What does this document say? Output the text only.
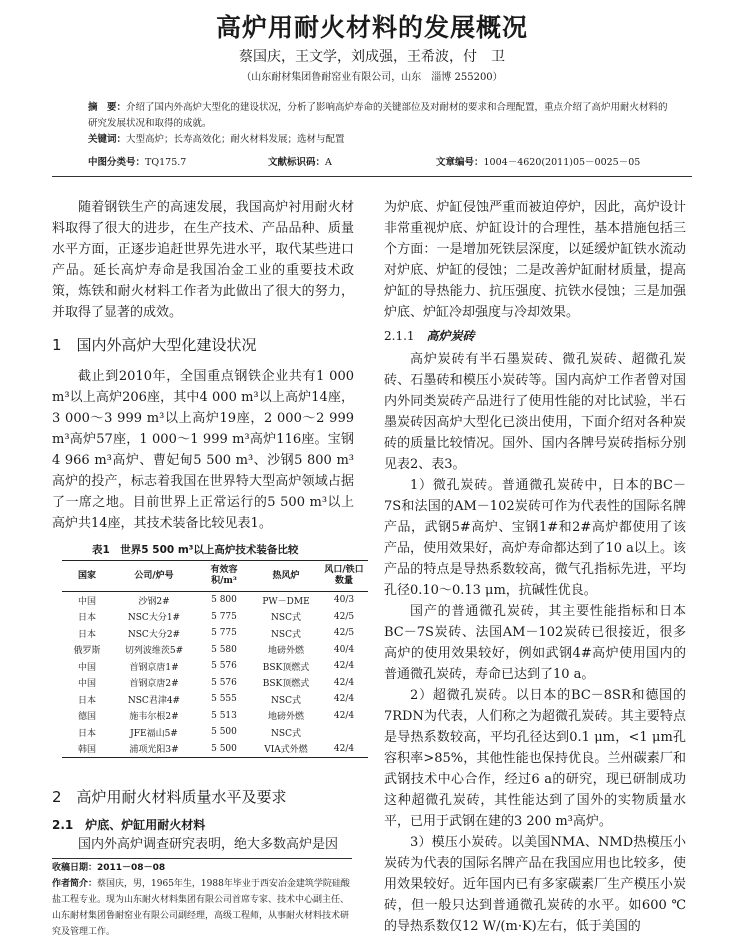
高炉用耐火材料的发展概况
蔡国庆，王文学，刘成强，王希波，付　卫
（山东耐材集团鲁耐窑业有限公司，山东　淄博 255200）
摘　要：介绍了国内外高炉大型化的建设状况，分析了影响高炉寿命的关键部位及对耐材的要求和合理配置，重点介绍了高炉用耐火材料的研究发展状况和取得的成就。
关键词：大型高炉；长寿高效化；耐火材料发展；选材与配置
中图分类号：TQ175.7	文献标识码：A	文章编号：1004－4620(2011)05－0025－05

随着钢铁生产的高速发展，我国高炉衬用耐火材料取得了很大的进步，在生产技术、产品品种、质量水平方面，正逐步追赶世界先进水平，取代某些进口产品。延长高炉寿命是我国冶金工业的重要技术政策，炼铁和耐火材料工作者为此做出了很大的努力，并取得了显著的成效。

1　国内外高炉大型化建设状况

截止到2010年，全国重点钢铁企业共有1 000 m³以上高炉206座，其中4 000 m³以上高炉14座，3 000～3 999 m³以上高炉19座，2 000～2 999 m³高炉57座，1 000～1 999 m³高炉116座。宝钢4 966 m³高炉、曹妃甸5 500 m³、沙钢5 800 m³高炉的投产，标志着我国在世界特大型高炉领域占据了一席之地。目前世界上正常运行的5 500 m³以上高炉共14座，其技术装备比较见表1。

表1　世界5 500 m³以上高炉技术装备比较
国家	公司/炉号	有效容积/m³	热风炉	风口/铁口数量
中国	沙钢2#	5 800	PW－DME	40/3
日本	NSC大分1#	5 775	NSC式	42/5
日本	NSC大分2#	5 775	NSC式	42/5
俄罗斯	切列波维茨5#	5 580	地磅外燃	40/4
中国	首钢京唐1#	5 576	BSK顶燃式	42/4
中国	首钢京唐2#	5 576	BSK顶燃式	42/4
日本	NSC君津4#	5 555	NSC式	42/4
德国	施韦尔根2#	5 513	地磅外燃	42/4
日本	JFE福山5#	5 500	NSC式	
韩国	浦项光阳3#	5 500	VIA式外燃	42/4
2　高炉用耐火材料质量水平及要求
2.1　炉底、炉缸用耐火材料

国内外高炉调查研究表明，绝大多数高炉是因

收稿日期：2011－08－08
作者简介：蔡国庆，男，1965年生，1988年毕业于西安冶金建筑学院硅酸盐工程专业。现为山东耐火材料集团有限公司首席专家、技术中心副主任、山东耐材集团鲁耐窑业有限公司副经理，高级工程师，从事耐火材料技术研究及管理工作。

为炉底、炉缸侵蚀严重而被迫停炉，因此，高炉设计非常重视炉底、炉缸设计的合理性，基本措施包括三个方面：一是增加死铁层深度，以延缓炉缸铁水流动对炉底、炉缸的侵蚀；二是改善炉缸耐材质量，提高炉缸的导热能力、抗压强度、抗铁水侵蚀；三是加强炉底、炉缸冷却强度与冷却效果。

2.1.1　高炉炭砖

高炉炭砖有半石墨炭砖、微孔炭砖、超微孔炭砖、石墨砖和模压小炭砖等。国内高炉工作者曾对国内外同类炭砖产品进行了使用性能的对比试验，半石墨炭砖因高炉大型化已淡出使用，下面介绍对各种炭砖的质量比较情况。国外、国内各牌号炭砖指标分别见表2、表3。

1）微孔炭砖。普通微孔炭砖中，日本的BC－7S和法国的AM－102炭砖可作为代表性的国际名牌产品，武钢5#高炉、宝钢1#和2#高炉都使用了该产品，使用效果好，高炉寿命都达到了10 a以上。该产品的特点是导热系数较高，微气孔指标先进，平均孔径0.10～0.13 μm，抗碱性优良。

国产的普通微孔炭砖，其主要性能指标和日本BC－7S炭砖、法国AM－102炭砖已很接近，很多高炉的使用效果较好，例如武钢4#高炉使用国内的普通微孔炭砖，寿命已达到了10 a。

2）超微孔炭砖。以日本的BC－8SR和德国的7RDN为代表，人们称之为超微孔炭砖。其主要特点是导热系数较高，平均孔径达到0.1 μm，<1 μm孔容积率>85%，其他性能也保持优良。兰州碳素厂和武钢技术中心合作，经过6 a的研究，现已研制成功这种超微孔炭砖，其性能达到了国外的实物质量水平，已用于武钢在建的3 200 m³高炉。

3）模压小炭砖。以美国NMA、NMD热模压小炭砖为代表的国际名牌产品在我国应用也比较多，使用效果较好。近年国内已有多家碳素厂生产模压小炭砖，但一般只达到普通微孔炭砖的水平。如600 ℃的导热系数仅12 W/(m·K)左右，低于美国的
